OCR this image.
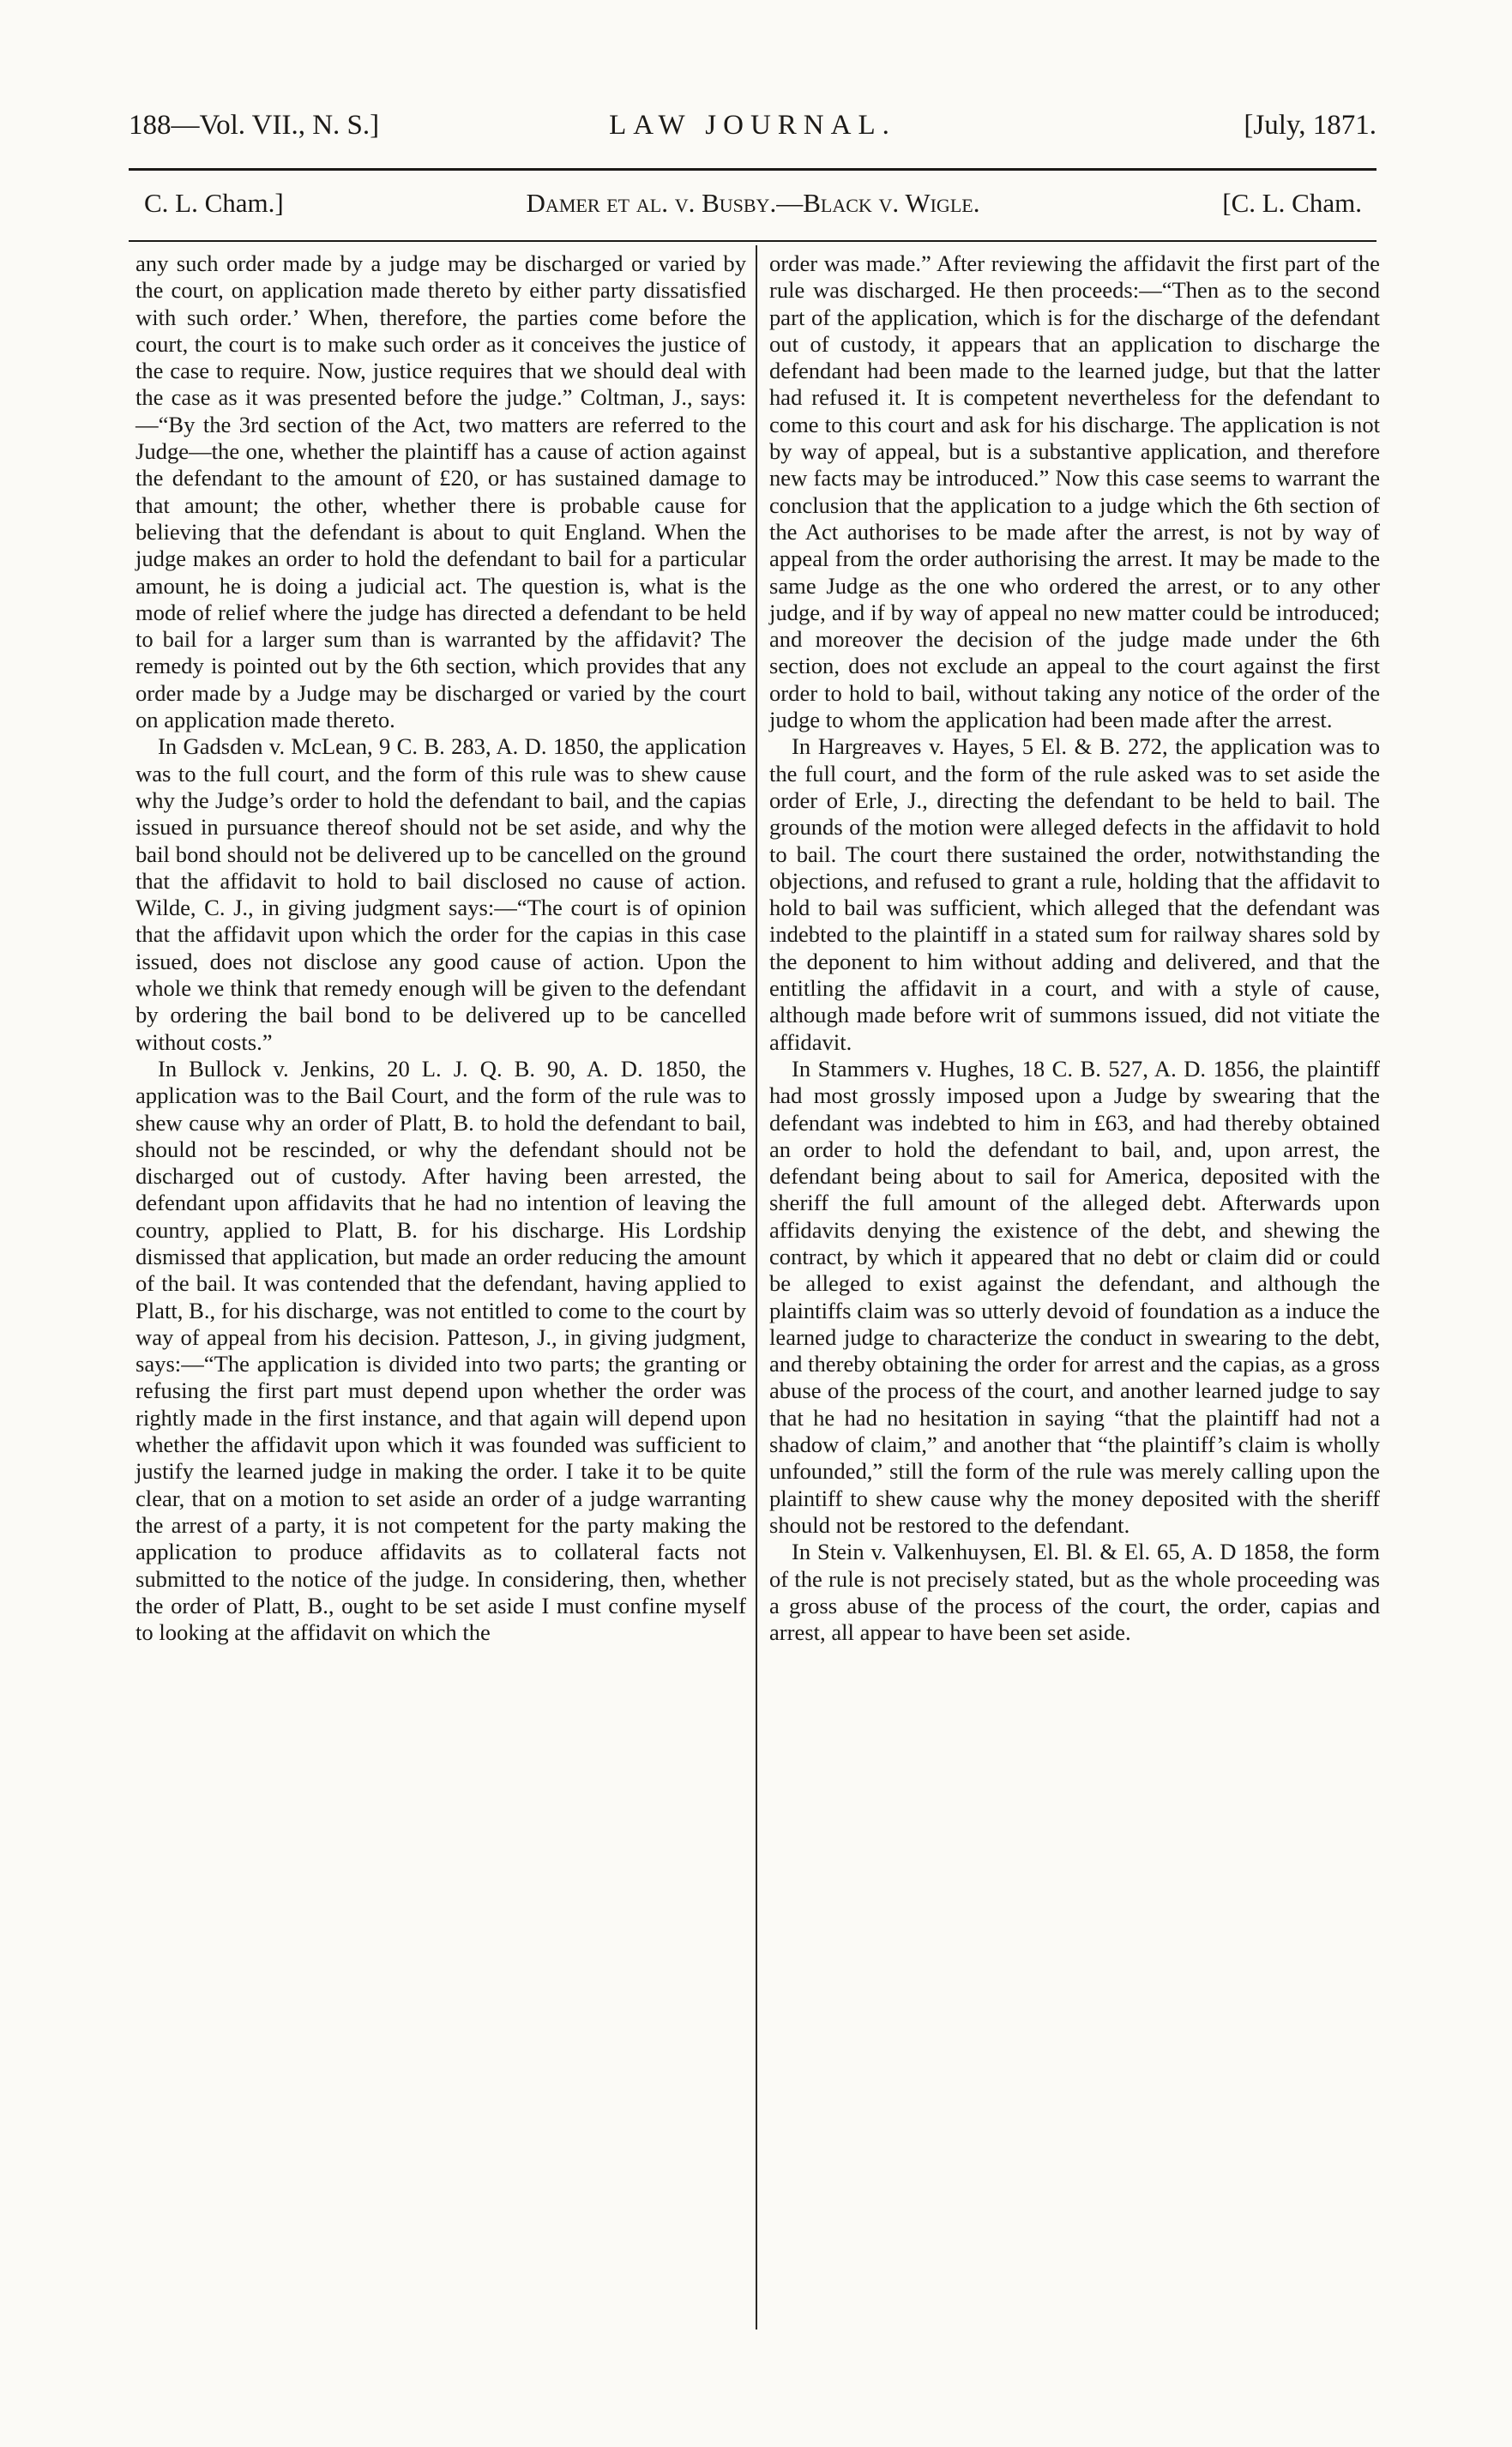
188—Vol. VII., N. S.]	LAW JOURNAL.	[July, 1871.
C. L. Cham.]	Damer et al. v. Busby.—Black v. Wigle.	[C. L. Cham.

any such order made by a judge may be discharged or varied by the court, on application made thereto by either party dissatisfied with such order.’ When, therefore, the parties come before the court, the court is to make such order as it conceives the justice of the case to require. Now, justice requires that we should deal with the case as it was presented before the judge.” Coltman, J., says:—“By the 3rd section of the Act, two matters are referred to the Judge—the one, whether the plaintiff has a cause of action against the defendant to the amount of £20, or has sustained damage to that amount; the other, whether there is probable cause for believing that the defendant is about to quit England. When the judge makes an order to hold the defendant to bail for a particular amount, he is doing a judicial act. The question is, what is the mode of relief where the judge has directed a defendant to be held to bail for a larger sum than is warranted by the affidavit? The remedy is pointed out by the 6th section, which provides that any order made by a Judge may be discharged or varied by the court on application made thereto.

In Gadsden v. McLean, 9 C. B. 283, A. D. 1850, the application was to the full court, and the form of this rule was to shew cause why the Judge’s order to hold the defendant to bail, and the capias issued in pursuance thereof should not be set aside, and why the bail bond should not be delivered up to be cancelled on the ground that the affidavit to hold to bail disclosed no cause of action. Wilde, C. J., in giving judgment says:—“The court is of opinion that the affidavit upon which the order for the capias in this case issued, does not disclose any good cause of action. Upon the whole we think that remedy enough will be given to the defendant by ordering the bail bond to be delivered up to be cancelled without costs.”

In Bullock v. Jenkins, 20 L. J. Q. B. 90, A. D. 1850, the application was to the Bail Court, and the form of the rule was to shew cause why an order of Platt, B. to hold the defendant to bail, should not be rescinded, or why the defendant should not be discharged out of custody. After having been arrested, the defendant upon affidavits that he had no intention of leaving the country, applied to Platt, B. for his discharge. His Lordship dismissed that application, but made an order reducing the amount of the bail. It was contended that the defendant, having applied to Platt, B., for his discharge, was not entitled to come to the court by way of appeal from his decision. Patteson, J., in giving judgment, says:—“The application is divided into two parts; the granting or refusing the first part must depend upon whether the order was rightly made in the first instance, and that again will depend upon whether the affidavit upon which it was founded was sufficient to justify the learned judge in making the order. I take it to be quite clear, that on a motion to set aside an order of a judge warranting the arrest of a party, it is not competent for the party making the application to produce affidavits as to collateral facts not submitted to the notice of the judge. In considering, then, whether the order of Platt, B., ought to be set aside I must confine myself to looking at the affidavit on which the

order was made.” After reviewing the affidavit the first part of the rule was discharged. He then proceeds:—“Then as to the second part of the application, which is for the discharge of the defendant out of custody, it appears that an application to discharge the defendant had been made to the learned judge, but that the latter had refused it. It is competent nevertheless for the defendant to come to this court and ask for his discharge. The application is not by way of appeal, but is a substantive application, and therefore new facts may be introduced.” Now this case seems to warrant the conclusion that the application to a judge which the 6th section of the Act authorises to be made after the arrest, is not by way of appeal from the order authorising the arrest. It may be made to the same Judge as the one who ordered the arrest, or to any other judge, and if by way of appeal no new matter could be introduced; and moreover the decision of the judge made under the 6th section, does not exclude an appeal to the court against the first order to hold to bail, without taking any notice of the order of the judge to whom the application had been made after the arrest.

In Hargreaves v. Hayes, 5 El. & B. 272, the application was to the full court, and the form of the rule asked was to set aside the order of Erle, J., directing the defendant to be held to bail. The grounds of the motion were alleged defects in the affidavit to hold to bail. The court there sustained the order, notwithstanding the objections, and refused to grant a rule, holding that the affidavit to hold to bail was sufficient, which alleged that the defendant was indebted to the plaintiff in a stated sum for railway shares sold by the deponent to him without adding and delivered, and that the entitling the affidavit in a court, and with a style of cause, although made before writ of summons issued, did not vitiate the affidavit.

In Stammers v. Hughes, 18 C. B. 527, A. D. 1856, the plaintiff had most grossly imposed upon a Judge by swearing that the defendant was indebted to him in £63, and had thereby obtained an order to hold the defendant to bail, and, upon arrest, the defendant being about to sail for America, deposited with the sheriff the full amount of the alleged debt. Afterwards upon affidavits denying the existence of the debt, and shewing the contract, by which it appeared that no debt or claim did or could be alleged to exist against the defendant, and although the plaintiffs claim was so utterly devoid of foundation as a induce the learned judge to characterize the conduct in swearing to the debt, and thereby obtaining the order for arrest and the capias, as a gross abuse of the process of the court, and another learned judge to say that he had no hesitation in saying “that the plaintiff had not a shadow of claim,” and another that “the plaintiff’s claim is wholly unfounded,” still the form of the rule was merely calling upon the plaintiff to shew cause why the money deposited with the sheriff should not be restored to the defendant.

In Stein v. Valkenhuysen, El. Bl. & El. 65, A. D 1858, the form of the rule is not precisely stated, but as the whole proceeding was a gross abuse of the process of the court, the order, capias and arrest, all appear to have been set aside.
